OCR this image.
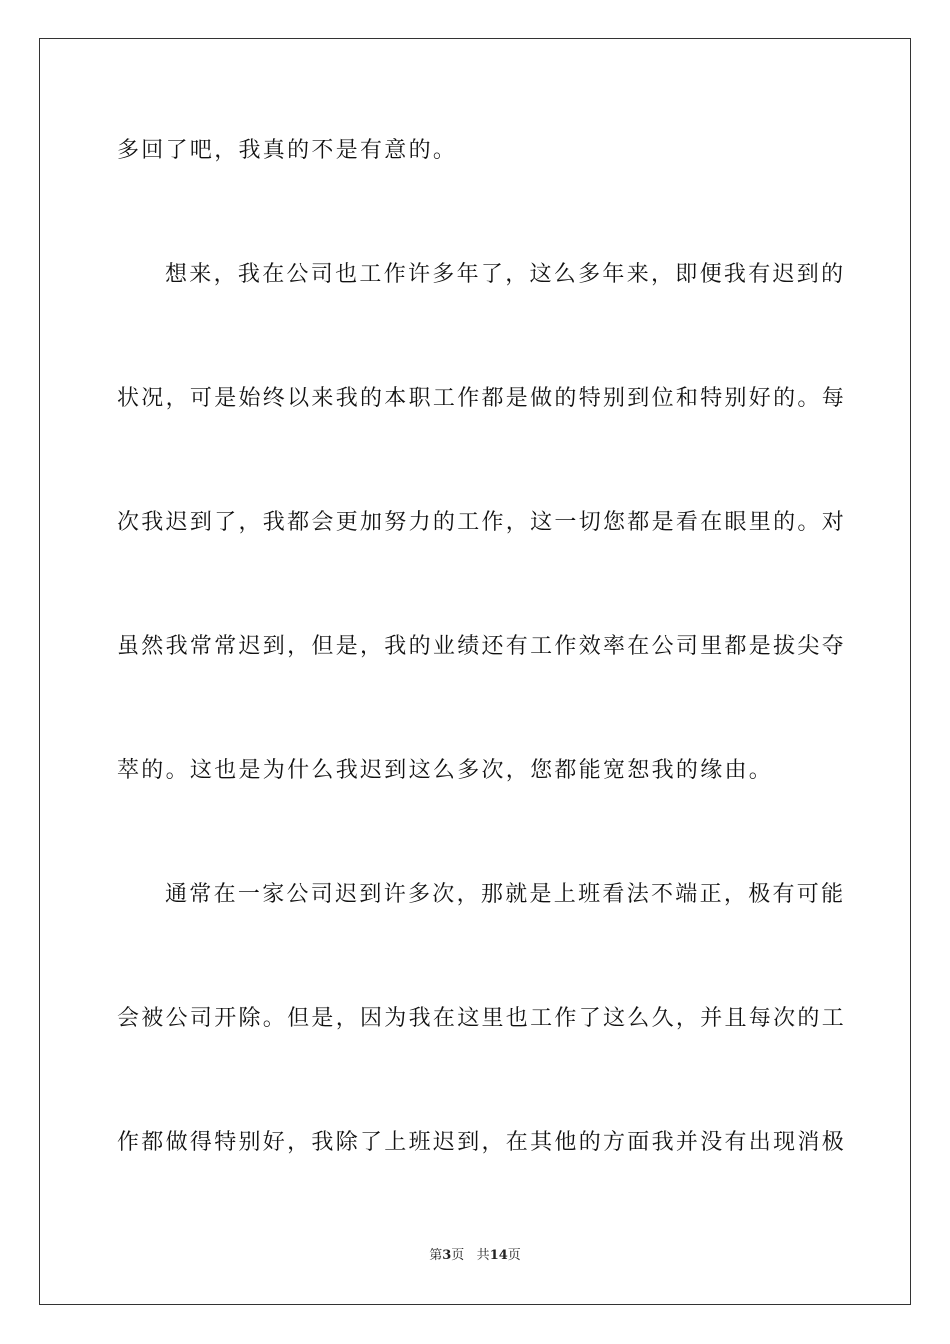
多回了吧，我真的不是有意的。
想来，我在公司也工作许多年了，这么多年来，即便我有迟到的
状况，可是始终以来我的本职工作都是做的特别到位和特别好的。每
次我迟到了，我都会更加努力的工作，这一切您都是看在眼里的。对
虽然我常常迟到，但是，我的业绩还有工作效率在公司里都是拔尖夺
萃的。这也是为什么我迟到这么多次，您都能宽恕我的缘由。
通常在一家公司迟到许多次，那就是上班看法不端正，极有可能
会被公司开除。但是，因为我在这里也工作了这么久，并且每次的工
作都做得特别好，我除了上班迟到，在其他的方面我并没有出现消极
第3页 共14页
